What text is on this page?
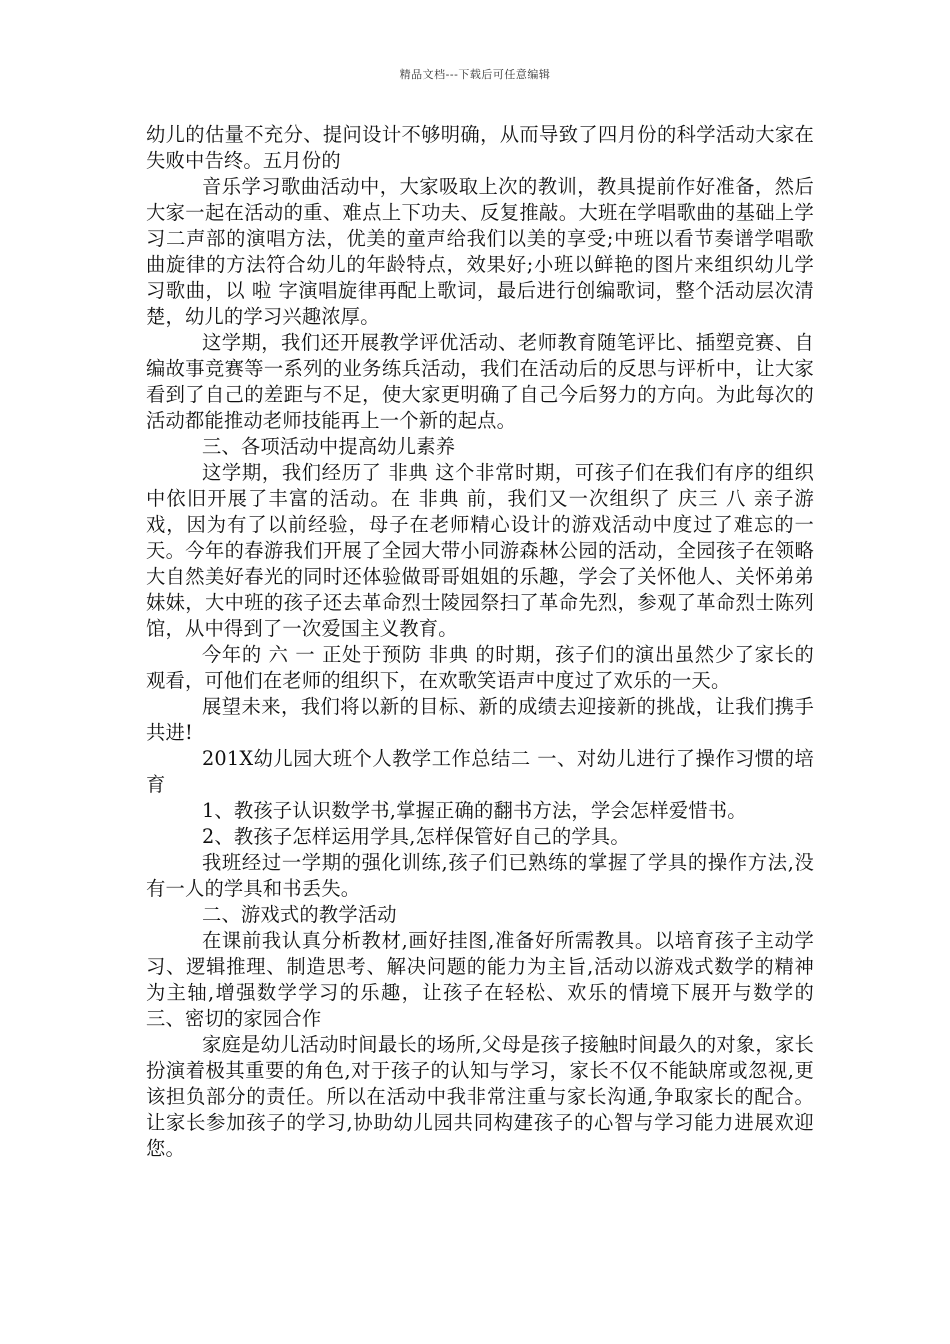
精品文档---下载后可任意编辑

幼儿的估量不充分、提问设计不够明确，从而导致了四月份的科学活动大家在失败中告终。五月份的

音乐学习歌曲活动中，大家吸取上次的教训，教具提前作好准备，然后大家一起在活动的重、难点上下功夫、反复推敲。大班在学唱歌曲的基础上学习二声部的演唱方法，优美的童声给我们以美的享受;中班以看节奏谱学唱歌曲旋律的方法符合幼儿的年龄特点，效果好;小班以鲜艳的图片来组织幼儿学习歌曲，以 啦 字演唱旋律再配上歌词，最后进行创编歌词，整个活动层次清楚，幼儿的学习兴趣浓厚。

这学期，我们还开展教学评优活动、老师教育随笔评比、插塑竞赛、自编故事竞赛等一系列的业务练兵活动，我们在活动后的反思与评析中，让大家看到了自己的差距与不足，使大家更明确了自己今后努力的方向。为此每次的活动都能推动老师技能再上一个新的起点。

三、各项活动中提高幼儿素养

这学期，我们经历了 非典 这个非常时期，可孩子们在我们有序的组织中依旧开展了丰富的活动。在 非典 前，我们又一次组织了 庆三 八 亲子游戏，因为有了以前经验，母子在老师精心设计的游戏活动中度过了难忘的一天。今年的春游我们开展了全园大带小同游森林公园的活动，全园孩子在领略大自然美好春光的同时还体验做哥哥姐姐的乐趣，学会了关怀他人、关怀弟弟妹妹，大中班的孩子还去革命烈士陵园祭扫了革命先烈，参观了革命烈士陈列馆，从中得到了一次爱国主义教育。

今年的 六 一 正处于预防 非典 的时期，孩子们的演出虽然少了家长的观看，可他们在老师的组织下，在欢歌笑语声中度过了欢乐的一天。

展望未来，我们将以新的目标、新的成绩去迎接新的挑战，让我们携手共进!

201X幼儿园大班个人教学工作总结二 一、对幼儿进行了操作习惯的培育

1、教孩子认识数学书,掌握正确的翻书方法，学会怎样爱惜书。

2、教孩子怎样运用学具,怎样保管好自己的学具。

我班经过一学期的强化训练,孩子们已熟练的掌握了学具的操作方法,没有一人的学具和书丢失。

二、游戏式的教学活动

在课前我认真分析教材,画好挂图,准备好所需教具。以培育孩子主动学习、逻辑推理、制造思考、解决问题的能力为主旨,活动以游戏式数学的精神为主轴,增强数学学习的乐趣，让孩子在轻松、欢乐的情境下展开与数学的 三、密切的家园合作

家庭是幼儿活动时间最长的场所,父母是孩子接触时间最久的对象，家长扮演着极其重要的角色,对于孩子的认知与学习，家长不仅不能缺席或忽视,更该担负部分的责任。所以在活动中我非常注重与家长沟通,争取家长的配合。让家长参加孩子的学习,协助幼儿园共同构建孩子的心智与学习能力进展欢迎您。
